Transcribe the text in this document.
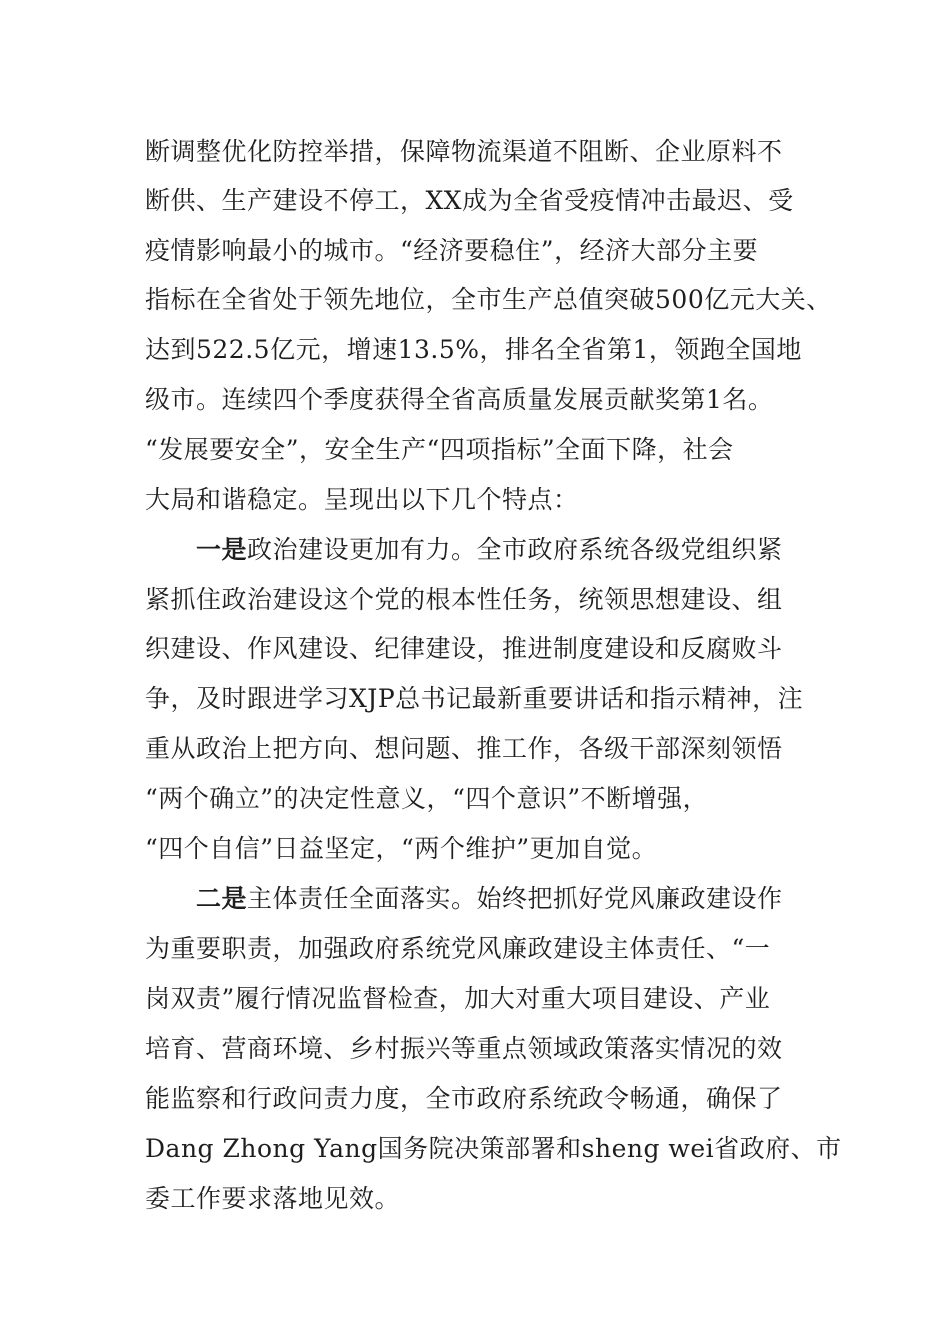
断调整优化防控举措，保障物流渠道不阻断、企业原料不

断供、生产建设不停工，XX成为全省受疫情冲击最迟、受

疫情影响最小的城市。“经济要稳住”，经济大部分主要

指标在全省处于领先地位，全市生产总值突破500亿元大关、

达到522.5亿元，增速13.5%，排名全省第1，领跑全国地

级市。连续四个季度获得全省高质量发展贡献奖第1名。

“发展要安全”，安全生产“四项指标”全面下降，社会

大局和谐稳定。呈现出以下几个特点：

一是政治建设更加有力。全市政府系统各级党组织紧

紧抓住政治建设这个党的根本性任务，统领思想建设、组

织建设、作风建设、纪律建设，推进制度建设和反腐败斗

争，及时跟进学习XJP总书记最新重要讲话和指示精神，注

重从政治上把方向、想问题、推工作，各级干部深刻领悟

“两个确立”的决定性意义，“四个意识”不断增强，

“四个自信”日益坚定，“两个维护”更加自觉。

二是主体责任全面落实。始终把抓好党风廉政建设作

为重要职责，加强政府系统党风廉政建设主体责任、“一

岗双责”履行情况监督检查，加大对重大项目建设、产业

培育、营商环境、乡村振兴等重点领域政策落实情况的效

能监察和行政问责力度，全市政府系统政令畅通，确保了

Dang Zhong Yang国务院决策部署和sheng wei省政府、市

委工作要求落地见效。
